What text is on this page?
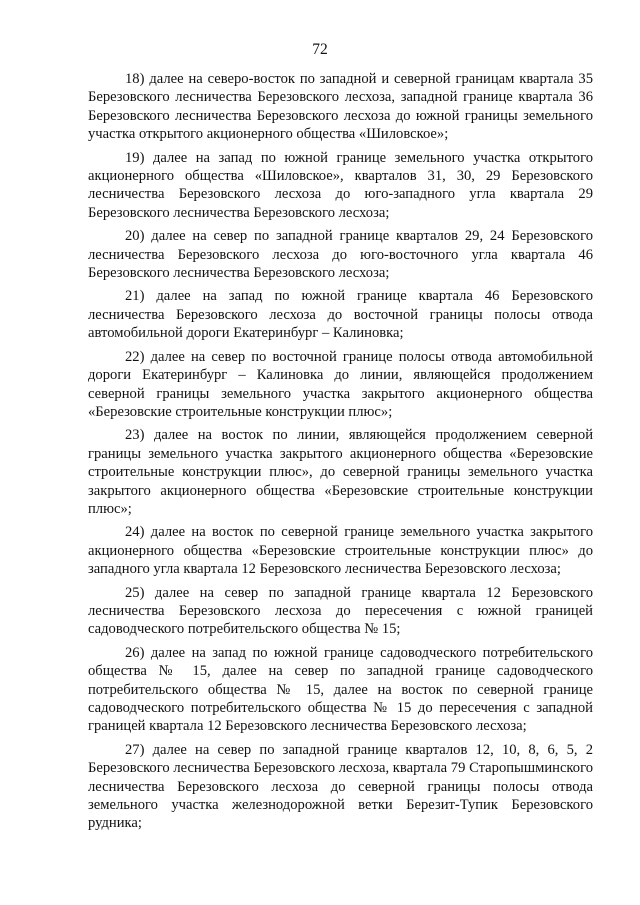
72

18) далее на северо-восток по западной и северной границам квартала 35 Березовского лесничества Березовского лесхоза, западной границе квартала 36 Березовского лесничества Березовского лесхоза до южной границы земельного участка открытого акционерного общества «Шиловское»;

19) далее на запад по южной границе земельного участка открытого акционерного общества «Шиловское», кварталов 31, 30, 29 Березовского лесничества Березовского лесхоза до юго-западного угла квартала 29 Березовского лесничества Березовского лесхоза;

20) далее на север по западной границе кварталов 29, 24 Березовского лесничества Березовского лесхоза до юго-восточного угла квартала 46 Березовского лесничества Березовского лесхоза;

21) далее на запад по южной границе квартала 46 Березовского лесничества Березовского лесхоза до восточной границы полосы отвода автомобильной дороги Екатеринбург – Калиновка;

22) далее на север по восточной границе полосы отвода автомобильной дороги Екатеринбург – Калиновка до линии, являющейся продолжением северной границы земельного участка закрытого акционерного общества «Березовские строительные конструкции плюс»;

23) далее на восток по линии, являющейся продолжением северной границы земельного участка закрытого акционерного общества «Березовские строительные конструкции плюс», до северной границы земельного участка закрытого акционерного общества «Березовские строительные конструкции плюс»;

24) далее на восток по северной границе земельного участка закрытого акционерного общества «Березовские строительные конструкции плюс» до западного угла квартала 12 Березовского лесничества Березовского лесхоза;

25) далее на север по западной границе квартала 12 Березовского лесничества Березовского лесхоза до пересечения с южной границей садоводческого потребительского общества № 15;

26) далее на запад по южной границе садоводческого потребительского общества № 15, далее на север по западной границе садоводческого потребительского общества № 15, далее на восток по северной границе садоводческого потребительского общества № 15 до пересечения с западной границей квартала 12 Березовского лесничества Березовского лесхоза;

27) далее на север по западной границе кварталов 12, 10, 8, 6, 5, 2 Березовского лесничества Березовского лесхоза, квартала 79 Старопышминского лесничества Березовского лесхоза до северной границы полосы отвода земельного участка железнодорожной ветки Березит-Тупик Березовского рудника;
